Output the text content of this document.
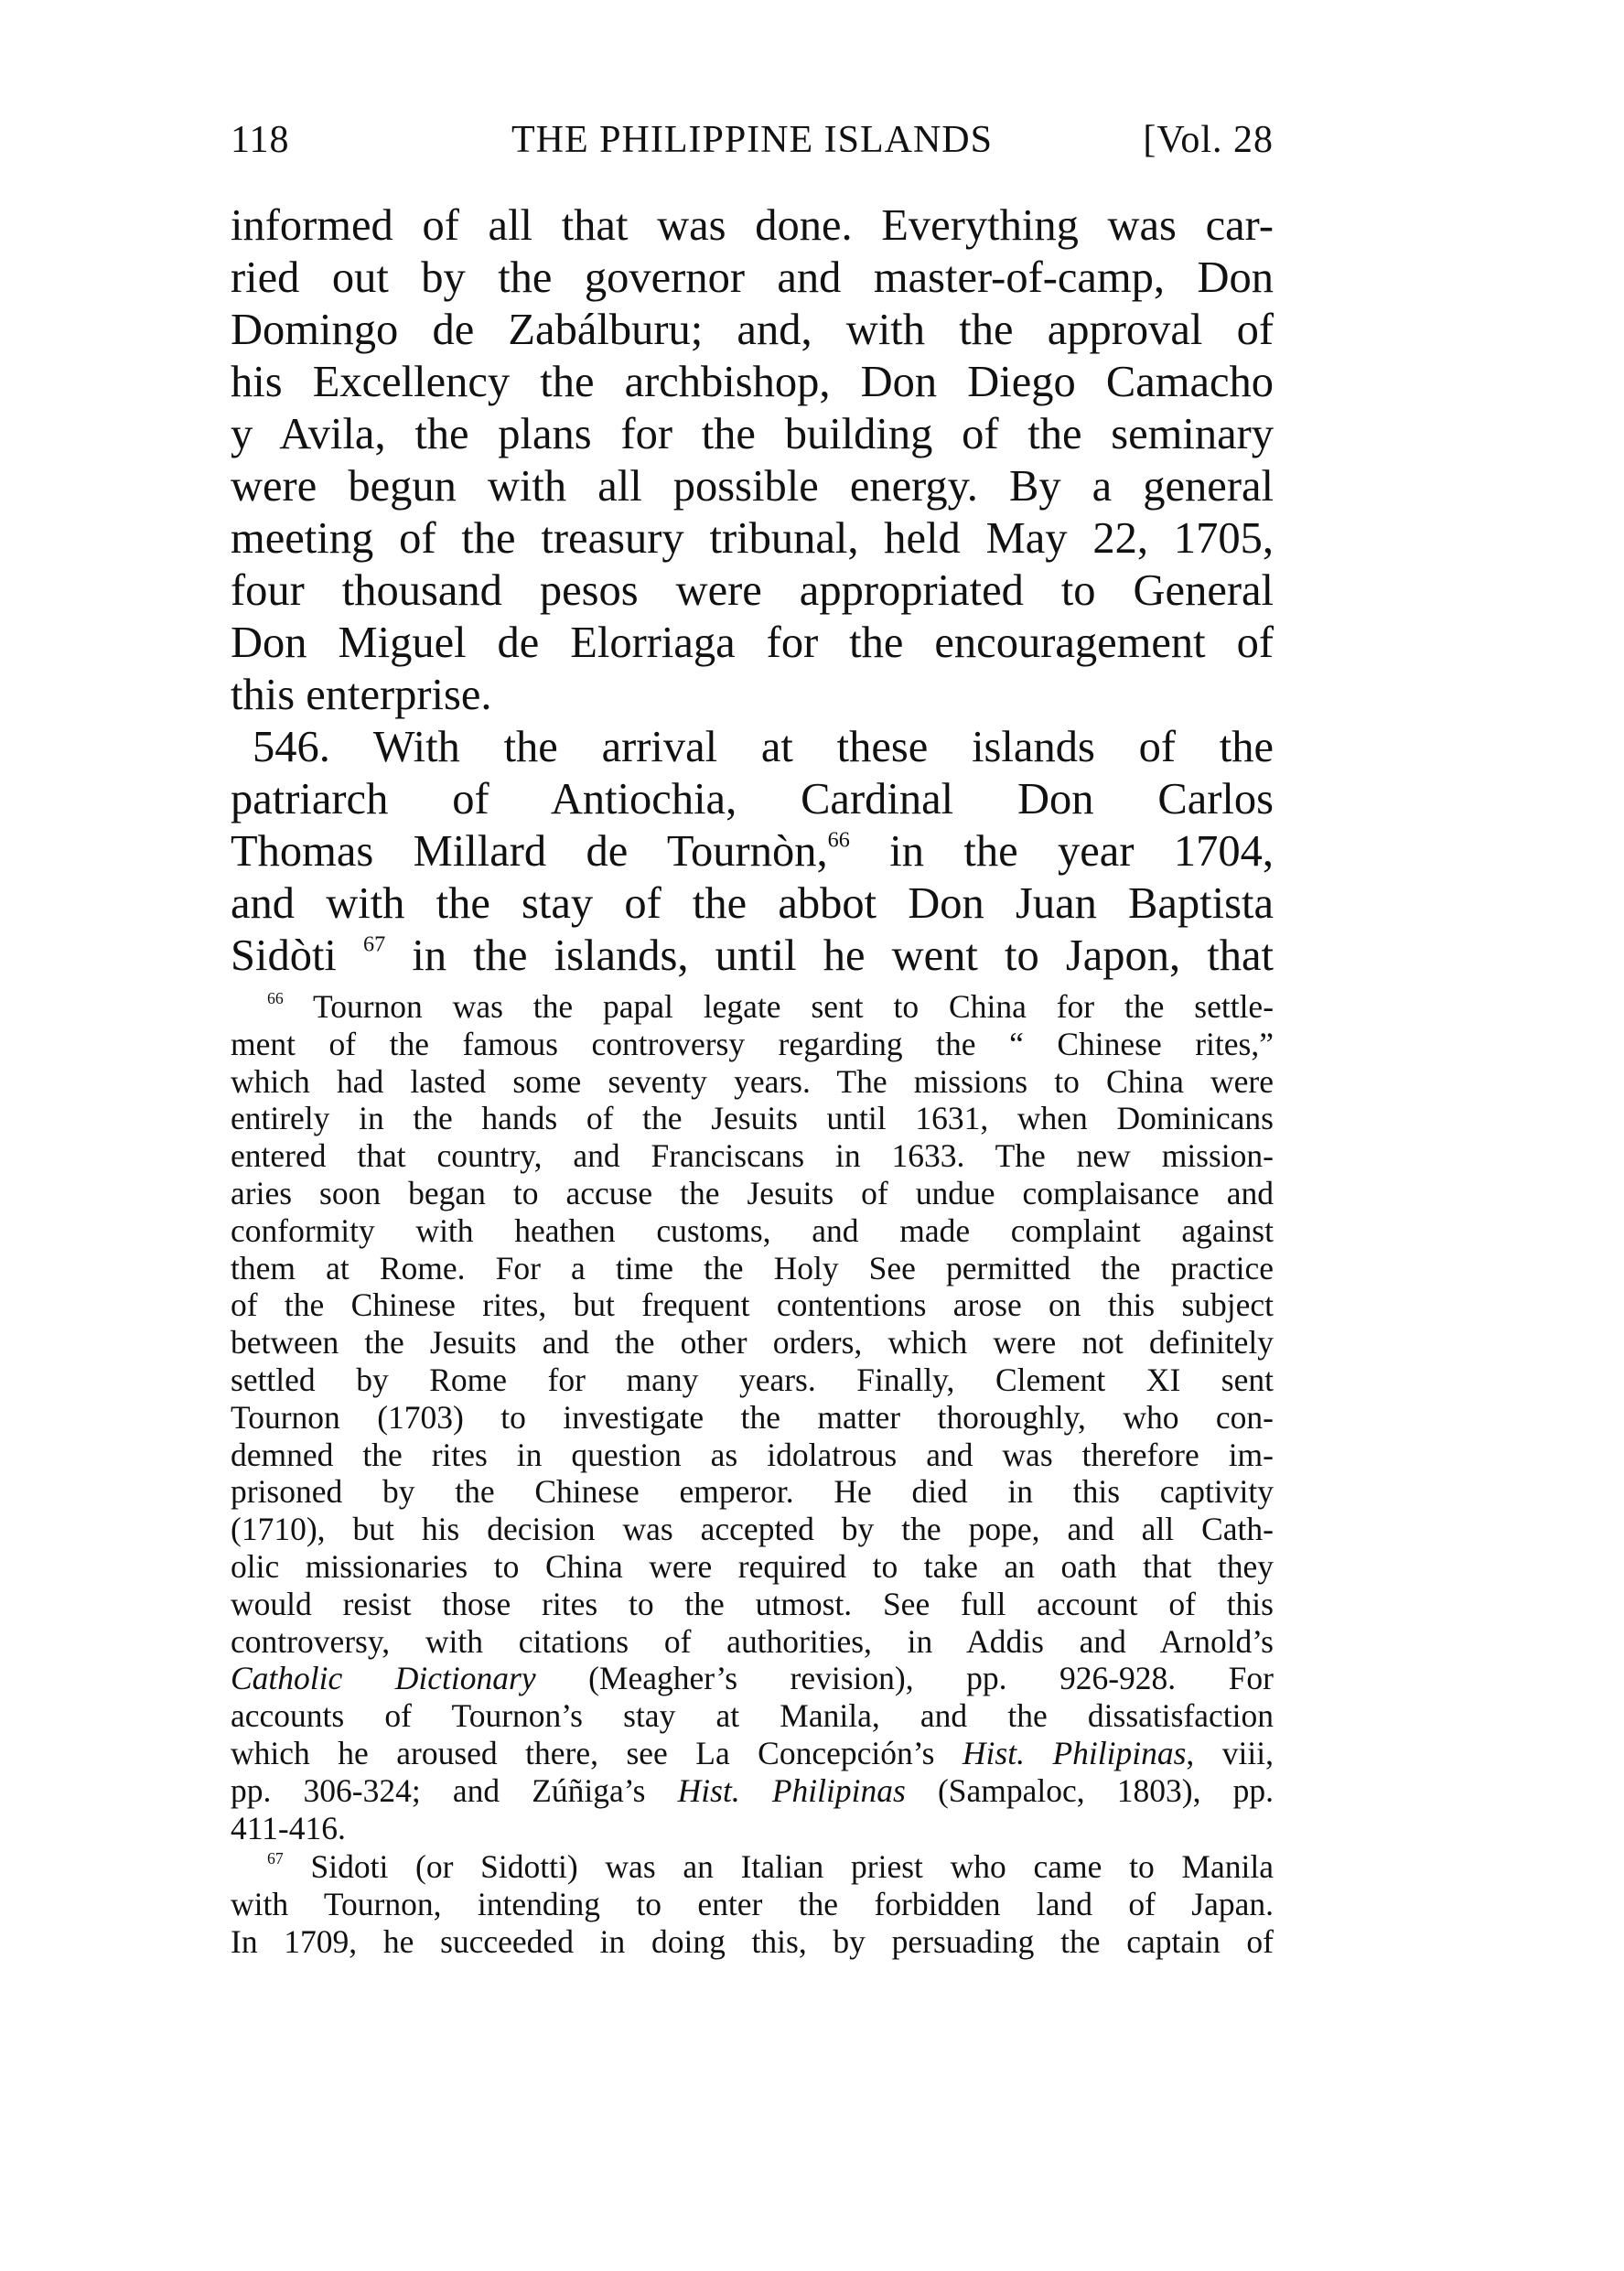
118	THE PHILIPPINE ISLANDS	[Vol. 28
informed of all that was done. Everything was car-
ried out by the governor and master-of-camp, Don
Domingo de Zabálburu; and, with the approval of
his Excellency the archbishop, Don Diego Camacho
y Avila, the plans for the building of the seminary
were begun with all possible energy. By a general
meeting of the treasury tribunal, held May 22, 1705,
four thousand pesos were appropriated to General
Don Miguel de Elorriaga for the encouragement of
this enterprise.
546. With the arrival at these islands of the
patriarch of Antiochia, Cardinal Don Carlos
Thomas Millard de Tournòn,$^{66}$ in the year 1704,
and with the stay of the abbot Don Juan Baptista
Sidòti $^{67}$ in the islands, until he went to Japon, that
$^{66}$ Tournon was the papal legate sent to China for the settle-
ment of the famous controversy regarding the “ Chinese rites,”
which had lasted some seventy years. The missions to China were
entirely in the hands of the Jesuits until 1631, when Dominicans
entered that country, and Franciscans in 1633. The new mission-
aries soon began to accuse the Jesuits of undue complaisance and
conformity with heathen customs, and made complaint against
them at Rome. For a time the Holy See permitted the practice
of the Chinese rites, but frequent contentions arose on this subject
between the Jesuits and the other orders, which were not definitely
settled by Rome for many years. Finally, Clement XI sent
Tournon (1703) to investigate the matter thoroughly, who con-
demned the rites in question as idolatrous and was therefore im-
prisoned by the Chinese emperor. He died in this captivity
(1710), but his decision was accepted by the pope, and all Cath-
olic missionaries to China were required to take an oath that they
would resist those rites to the utmost. See full account of this
controversy, with citations of authorities, in Addis and Arnold’s
Catholic Dictionary (Meagher’s revision), pp. 926-928. For
accounts of Tournon’s stay at Manila, and the dissatisfaction
which he aroused there, see La Concepción’s Hist. Philipinas, viii,
pp. 306-324; and Zúñiga’s Hist. Philipinas (Sampaloc, 1803), pp.
411-416.
$^{67}$ Sidoti (or Sidotti) was an Italian priest who came to Manila
with Tournon, intending to enter the forbidden land of Japan.
In 1709, he succeeded in doing this, by persuading the captain of
